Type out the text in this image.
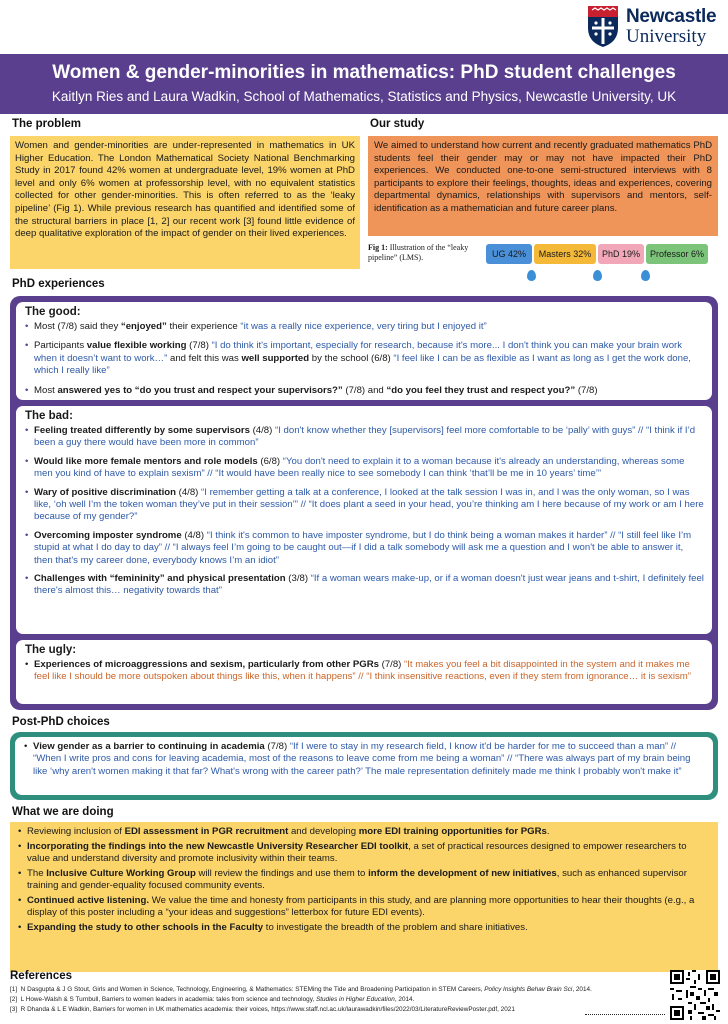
Newcastle
University
Women & gender-minorities in mathematics: PhD student challenges
Kaitlyn Ries and Laura Wadkin, School of Mathematics, Statistics and Physics, Newcastle University, UK
The problem
Women and gender-minorities are under-represented in mathematics in UK Higher Education. The London Mathematical Society National Benchmarking Study in 2017 found 42% women at undergraduate level, 19% women at PhD level and only 6% women at professorship level, with no equivalent statistics collected for other gender-minorities. This is often referred to as the ‘leaky pipeline’ (Fig 1). While previous research has quantified and identified some of the structural barriers in place [1, 2] our recent work [3] found little evidence of deep qualitative exploration of the impact of gender on their lived experiences.
Our study
We aimed to understand how current and recently graduated mathematics PhD students feel their gender may or may not have impacted their PhD experiences. We conducted one-to-one semi-structured interviews with 8 participants to explore their feelings, thoughts, ideas and experiences, covering departmental dynamics, relationships with supervisors and mentors, self-identification as a mathematician and future career plans.
Fig 1: Illustration of the “leaky pipeline” (LMS).	UG 42%	Masters 32%	PhD 19%	Professor 6%
PhD experiences
The good:
• Most (7/8) said they “enjoyed” their experience “it was a really nice experience, very tiring but I enjoyed it”
• Participants value flexible working (7/8) “I do think it's important, especially for research, because it's more... I don't think you can make your brain work when it doesn’t want to work…” and felt this was well supported by the school (6/8) “I feel like I can be as flexible as I want as long as I get the work done, which I really like”
• Most answered yes to “do you trust and respect your supervisors?” (7/8) and “do you feel they trust and respect you?” (7/8)
The bad:
• Feeling treated differently by some supervisors (4/8) “I don't know whether they [supervisors] feel more comfortable to be ‘pally’ with guys” // “I think if I’d been a guy there would have been more in common”
• Would like more female mentors and role models (6/8) “You don't need to explain it to a woman because it's already an understanding, whereas some men you kind of have to explain sexism” // “It would have been really nice to see somebody I can think ‘that’ll be me in 10 years’ time’”
• Wary of positive discrimination (4/8) “I remember getting a talk at a conference, I looked at the talk session I was in, and I was the only woman, so I was like, ‘oh well I’m the token woman they’ve put in their session’” // “It does plant a seed in your head, you’re thinking am I here because of my work or am I here because of my gender?”
• Overcoming imposter syndrome (4/8) “I think it's common to have imposter syndrome, but I do think being a woman makes it harder” // “I still feel like I’m stupid at what I do day to day” // “I always feel I’m going to be caught out—if I did a talk somebody will ask me a question and I won't be able to answer it, then that's my career done, everybody knows I’m an idiot”
• Challenges with “femininity” and physical presentation (3/8) “If a woman wears make-up, or if a woman doesn't just wear jeans and t-shirt, I definitely feel there's almost this… negativity towards that”
The ugly:
• Experiences of microaggressions and sexism, particularly from other PGRs (7/8) “It makes you feel a bit disappointed in the system and it makes me feel like I should be more outspoken about things like this, when it happens” // “I think insensitive reactions, even if they stem from ignorance… it is sexism”
Post-PhD choices
• View gender as a barrier to continuing in academia (7/8) “If I were to stay in my research field, I know it'd be harder for me to succeed than a man” // “When I write pros and cons for leaving academia, most of the reasons to leave come from me being a woman” // “There was always part of my brain being like ‘why aren't women making it that far? What's wrong with the career path?’ The male representation definitely made me think I probably won't make it”
What we are doing
• Reviewing inclusion of EDI assessment in PGR recruitment and developing more EDI training opportunities for PGRs.
• Incorporating the findings into the new Newcastle University Researcher EDI toolkit, a set of practical resources designed to empower researchers to value and understand diversity and promote inclusivity within their teams.
• The Inclusive Culture Working Group will review the findings and use them to inform the development of new initiatives, such as enhanced supervisor training and gender-equality focused community events.
• Continued active listening. We value the time and honesty from participants in this study, and are planning more opportunities to hear their thoughts (e.g., a display of this poster including a “your ideas and suggestions” letterbox for future EDI events).
• Expanding the study to other schools in the Faculty to investigate the breadth of the problem and share initiatives.
References
[1] N Dasgupta & J G Stout, Girls and Women in Science, Technology, Engineering, & Mathematics: STEMing the Tide and Broadening Participation in STEM Careers, Policy Insights Behav Brain Sci, 2014.
[2] L Howe-Walsh & S Turnbull, Barriers to women leaders in academia: tales from science and technology, Studies in Higher Education, 2014.
[3] R Dhanda & L E Wadkin, Barriers for women in UK mathematics academia: their voices, https://www.staff.ncl.ac.uk/laurawadkin/files/2022/03/LiteratureReviewPoster.pdf, 2021
